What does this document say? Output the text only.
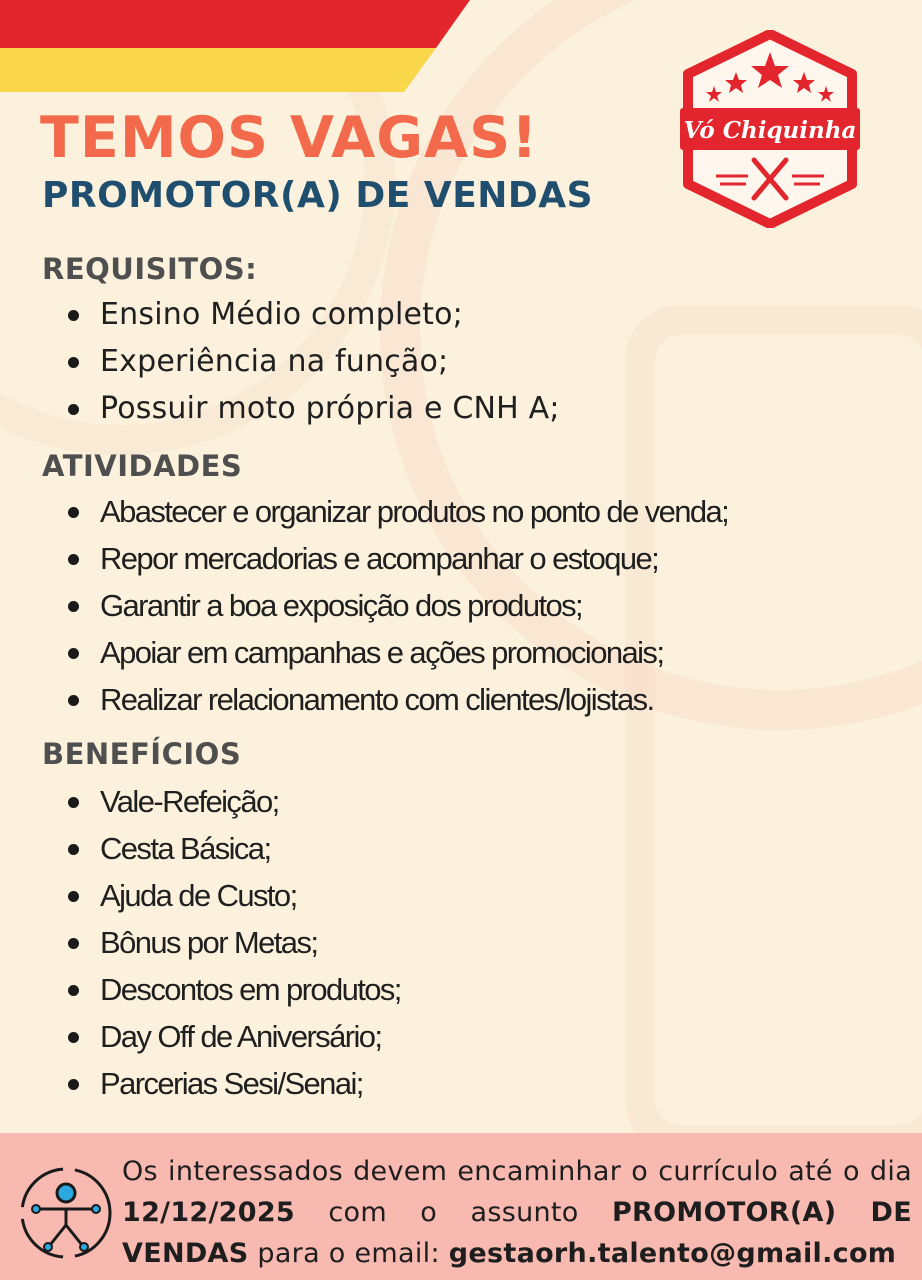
Vó Chiquinha
TEMOS VAGAS!
PROMOTOR(A) DE VENDAS
REQUISITOS:
Ensino Médio completo;
Experiência na função;
Possuir moto própria e CNH A;
ATIVIDADES
Abastecer e organizar produtos no ponto de venda;
Repor mercadorias e acompanhar o estoque;
Garantir a boa exposição dos produtos;
Apoiar em campanhas e ações promocionais;
Realizar relacionamento com clientes/lojistas.
BENEFÍCIOS
Vale-Refeição;
Cesta Básica;
Ajuda de Custo;
Bônus por Metas;
Descontos em produtos;
Day Off de Aniversário;
Parcerias Sesi/Senai;
Os interessados devem encaminhar o currículo até o dia 12/12/2025 com o assunto PROMOTOR(A) DE VENDAS para o email: gestaorh.talento@gmail.com
